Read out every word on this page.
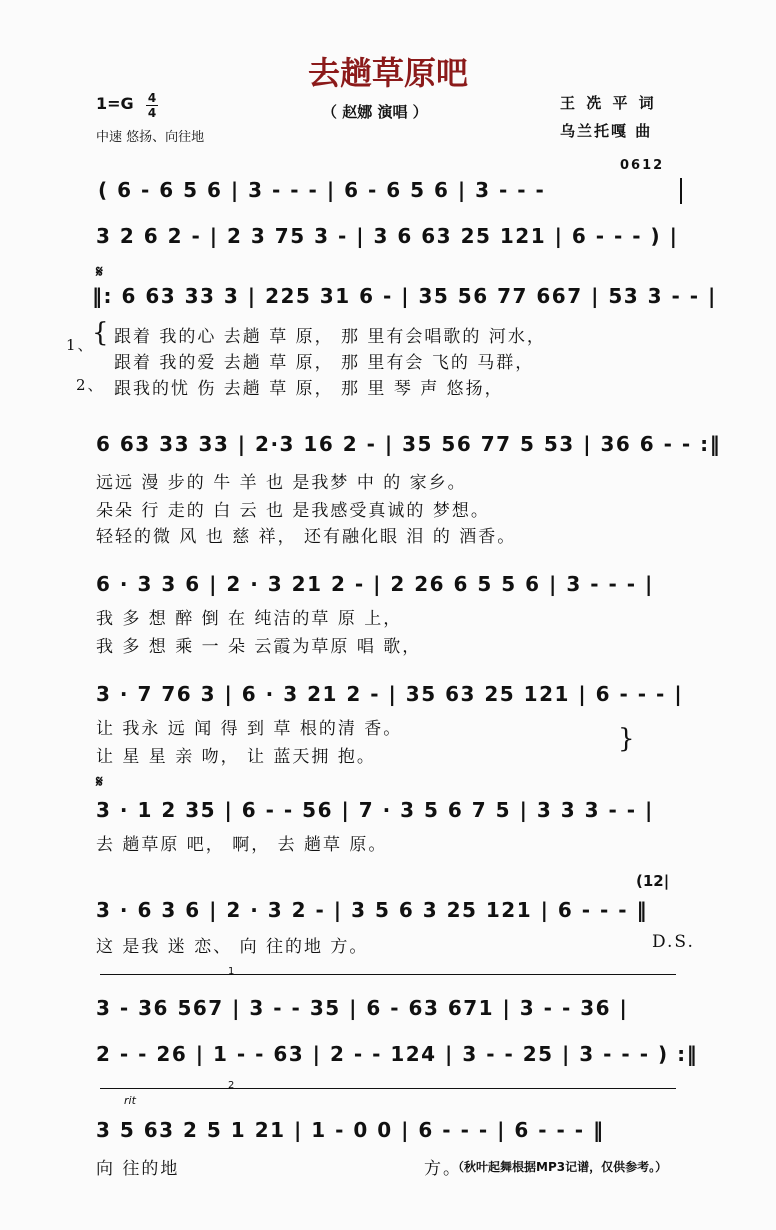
去趟草原吧
1=G 4
4
中速 悠扬、向往地
（ 赵娜 演唱 ）	王 冼 平 词
乌兰托嘎 曲
0612
( 6 - 6 5 6 | 3 - - - | 6 - 6 5 6 | 3 - - -
3 2 6 2 - | 2 3 75 3 - | 3 6 63 25 121 | 6 - - - ) |
𝄋
‖: 6 63 33 3 | 225 31 6 - | 35 56 77 667 | 53 3 - - |
1、
{ 跟着 我的心 去趟 草 原， 那 里有会唱歌的 河水，
跟着 我的爱 去趟 草 原， 那 里有会 飞的 马群，
2、 跟我的忧 伤 去趟 草 原， 那 里 琴 声 悠扬，
6 63 33 33 | 2·3 16 2 - | 35 56 77 5 53 | 36 6 - - :‖
远远 漫 步的 牛 羊 也 是我梦 中 的 家乡。
朵朵 行 走的 白 云 也 是我感受真诚的 梦想。
轻轻的微 风 也 慈 祥， 还有融化眼 泪 的 酒香。
6 · 3 3 6 | 2 · 3 21 2 - | 2 26 6 5 5 6 | 3 - - - |
我 多 想 醉 倒 在 纯洁的草 原 上，
我 多 想 乘 一 朵 云霞为草原 唱 歌，
3 · 7 76 3 | 6 · 3 21 2 - | 35 63 25 121 | 6 - - - |
让 我永 远 闻 得 到 草 根的清 香。
让 星 星 亲 吻， 让 蓝天拥 抱。
}
𝄋
3 · 1 2 35 | 6 - - 56 | 7 · 3 5 6 7 5 | 3 3 3 - - |
去 趟草原 吧， 啊， 去 趟草 原。
(12|
3 · 6 3 6 | 2 · 3 2 - | 3 5 6 3 25 121 | 6 - - - ‖
这 是我 迷 恋、 向 往的地 方。	D.S.
1
3 - 36 567 | 3 - - 35 | 6 - 63 671 | 3 - - 36 |
2 - - 26 | 1 - - 63 | 2 - - 124 | 3 - - 25 | 3 - - - ) :‖
2
rit
3 5 63 2 5 1 21 | 1 - 0 0 | 6 - - - | 6 - - - ‖
向 往的地	方。
（秋叶起舞根据MP3记谱，仅供参考。）
